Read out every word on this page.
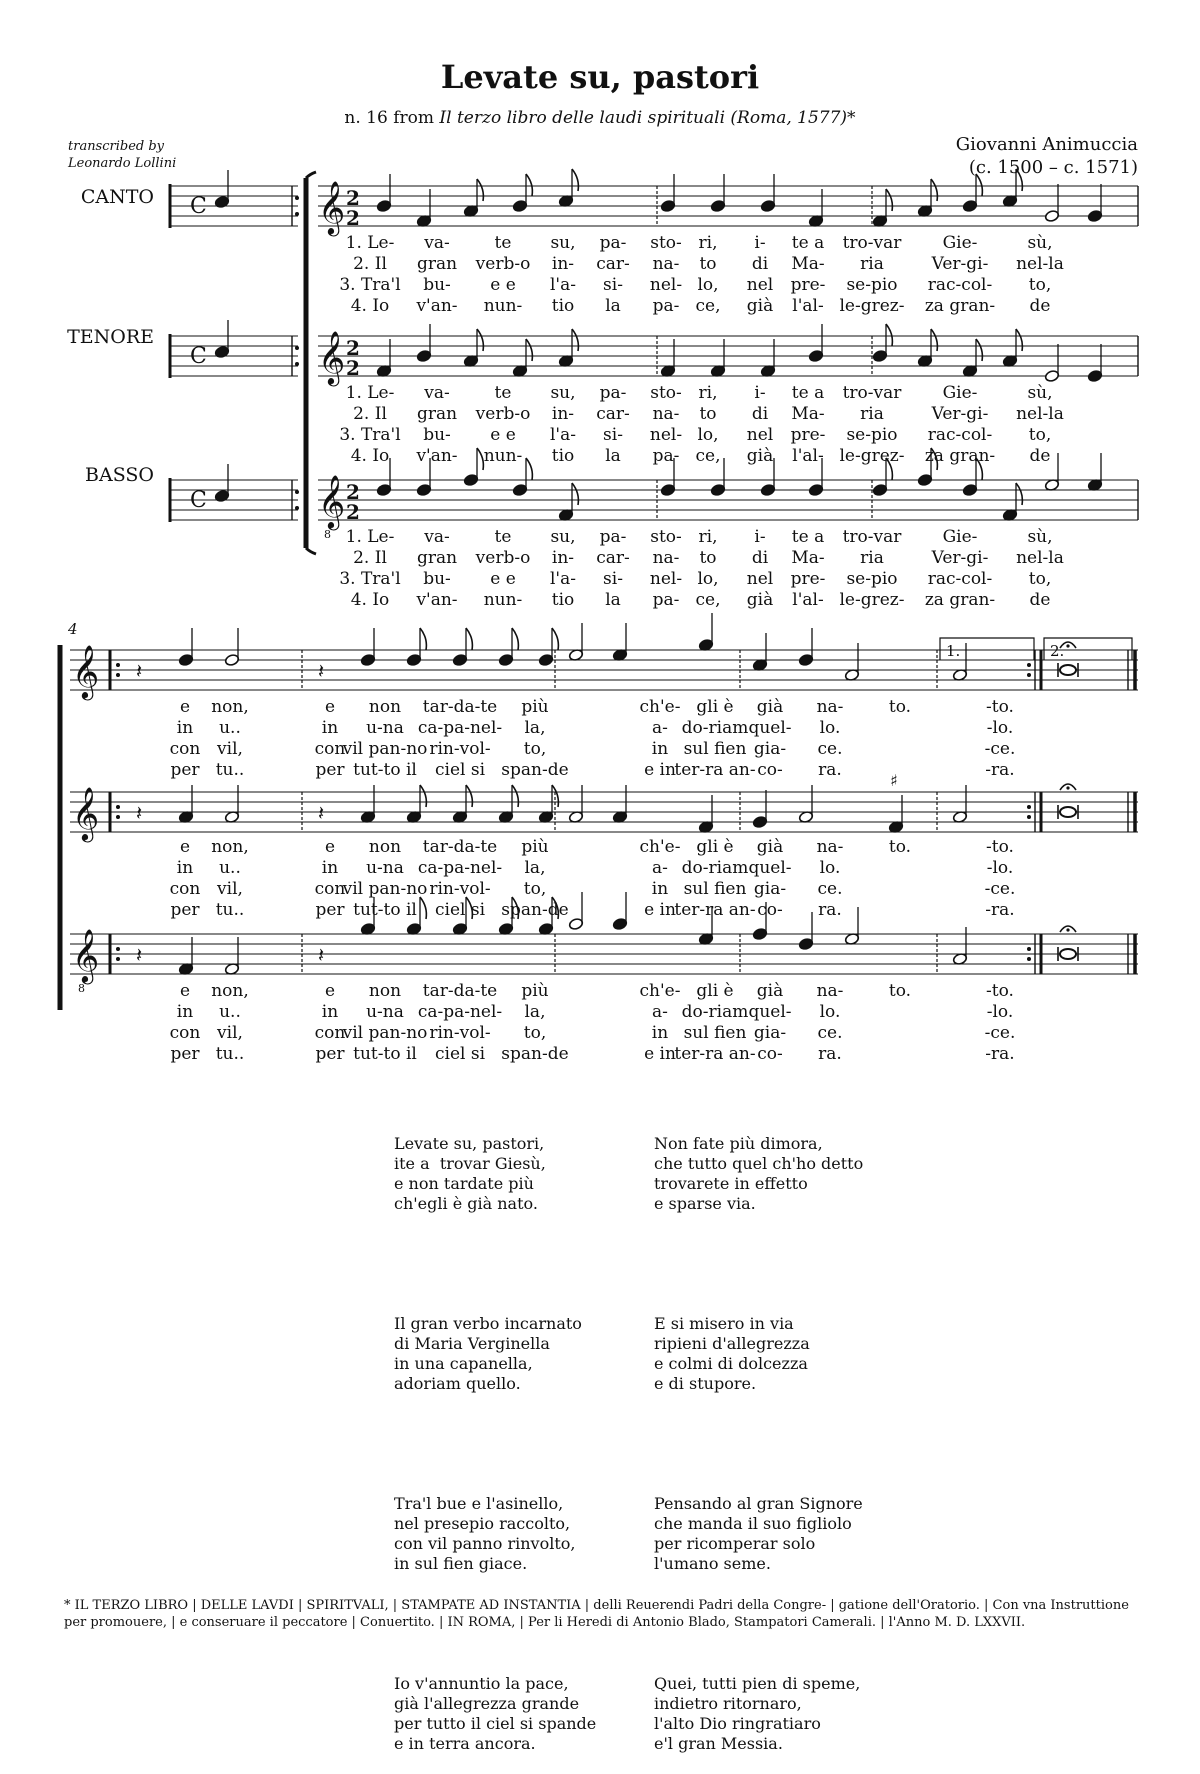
Levate su, pastori
n. 16 from Il terzo libro delle laudi spirituali (Roma, 1577)*
transcribed by
Leonardo Lollini
Giovanni Animuccia
(c. 1500 – c. 1571)
CANTO
TENORE
BASSO
C 𝄞 2
2
C 𝄞 2
2
C 𝄞
8
2
2
1. Le- va-	te su, pa- sto- ri, i- te a tro-var Gie-	sù,
2. Il gran verb-o in- car- na- to di Ma- ria	Ver-gi- nel-la
3. Tra'l bu- e e l'a- si- nel- lo, nel pre- se-pio rac-col- to,
4. Io v'an- nun- tio la pa- ce, già l'al- le-grez- za gran- de
1. Le- va-	te su, pa- sto- ri, i- te a tro-var Gie-	sù,
2. Il gran verb-o in- car- na- to di Ma- ria	Ver-gi- nel-la
3. Tra'l bu- e e l'a- si- nel- lo, nel pre- se-pio rac-col- to,
4. Io v'an- nun- tio la pa- ce, già l'al- le-grez- za gran- de
1. Le- va-	te su, pa- sto- ri, i- te a tro-var Gie-	sù,
2. Il gran verb-o in- car- na- to di Ma- ria	Ver-gi- nel-la
3. Tra'l bu- e e l'a- si- nel- lo, nel pre- se-pio rac-col- to,
4. Io v'an- nun- tio la pa- ce, già l'al- le-grez- za gran- de
4
𝄞
𝄞
𝄞
8
1.	2.
𝄽	𝄽
𝄽	𝄽
𝄽	𝄽
♯
e non,	e non tar-da-te più	ch'e- gli è già na-	to.	-to.
in u..	in u-na ca-pa-nel- la,	a- do-riam quel- lo.	-lo.
con vil,	con
vil pan-no rin-vol- to,	in sul fien gia- ce.	-ce.
per tu..	per tut-to il ciel si span-de	e in
ter-ra an- co- ra.	-ra.
e non,	e non tar-da-te più	ch'e- gli è già na-	to.	-to.
in u..	in u-na ca-pa-nel- la,	a- do-riam quel- lo.	-lo.
con vil,	con
vil pan-no rin-vol- to,	in sul fien gia- ce.	-ce.
per tu..	per tut-to il ciel si span-de	e in
ter-ra an- co- ra.	-ra.
e non,	e non tar-da-te più	ch'e- gli è già na-	to.	-to.
in u..	in u-na ca-pa-nel- la,	a- do-riam quel- lo.	-lo.
con vil,	con
vil pan-no rin-vol- to,	in sul fien gia- ce.	-ce.
per tu..	per tut-to il ciel si span-de	e in
ter-ra an- co- ra.	-ra.

Levate su, pastori,
ite a  trovar Giesù,
e non tardate più
ch'egli è già nato.

Il gran verbo incarnato
di Maria Verginella
in una capanella,
adoriam quello.

Tra'l bue e l'asinello,
nel presepio raccolto,
con vil panno rinvolto,
in sul fien giace.

Io v'annuntio la pace,
già l'allegrezza grande
per tutto il ciel si spande
e in terra ancora.

Non fate più dimora,
che tutto quel ch'ho detto
trovarete in effetto
e sparse via.

E si misero in via
ripieni d'allegrezza
e colmi di dolcezza
e di stupore.

Pensando al gran Signore
che manda il suo figliolo
per ricomperar solo
l'umano seme.

Quei, tutti pien di speme,
indietro ritornaro,
l'alto Dio ringratiaro
e'l gran Messia.

* IL TERZO LIBRO | DELLE LAVDI | SPIRITVALI, | STAMPATE AD INSTANTIA | delli Reuerendi Padri della Congre- | gatione dell'Oratorio. | Con vna Instruttione per promouere, | e conseruare il peccatore | Conuertito. | IN ROMA, | Per li Heredi di Antonio Blado, Stampatori Camerali. | l'Anno M. D. LXXVII.
